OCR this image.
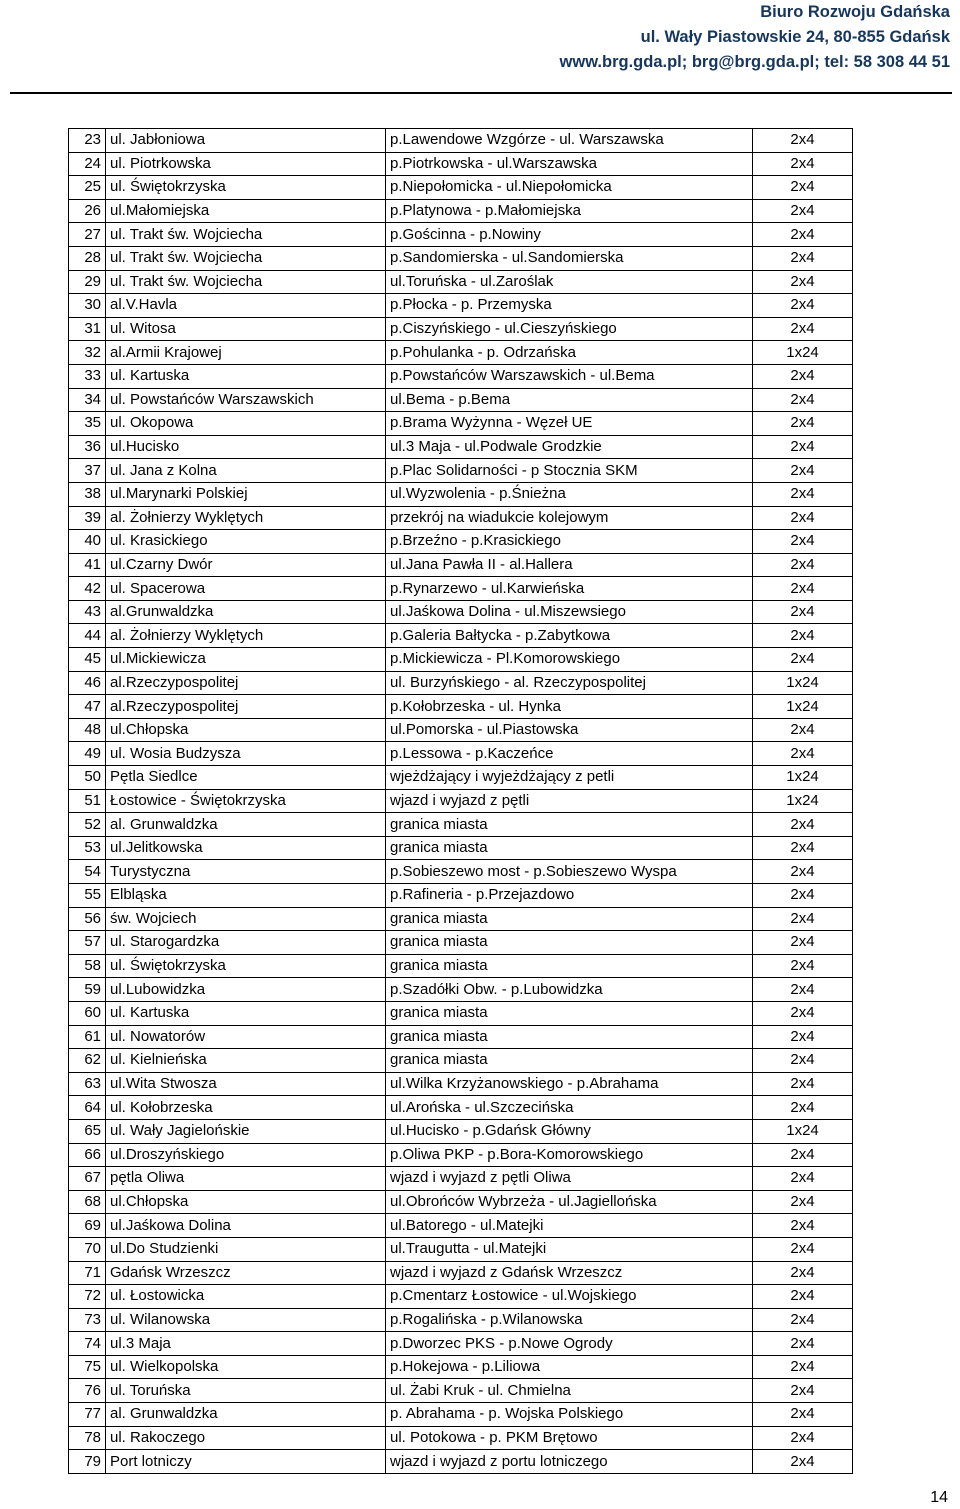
Biuro Rozwoju Gdańska
ul. Wały Piastowskie 24, 80-855 Gdańsk
www.brg.gda.pl; brg@brg.gda.pl; tel: 58 308 44 51
23	ul. Jabłoniowa	p.Lawendowe Wzgórze - ul. Warszawska	2x4
24	ul. Piotrkowska	p.Piotrkowska - ul.Warszawska	2x4
25	ul. Świętokrzyska	p.Niepołomicka - ul.Niepołomicka	2x4
26	ul.Małomiejska	p.Platynowa - p.Małomiejska	2x4
27	ul. Trakt św. Wojciecha	p.Gościnna - p.Nowiny	2x4
28	ul. Trakt św. Wojciecha	p.Sandomierska - ul.Sandomierska	2x4
29	ul. Trakt św. Wojciecha	ul.Toruńska - ul.Zaroślak	2x4
30	al.V.Havla	p.Płocka - p. Przemyska	2x4
31	ul. Witosa	p.Ciszyńskiego - ul.Cieszyńskiego	2x4
32	al.Armii Krajowej	p.Pohulanka - p. Odrzańska	1x24
33	ul. Kartuska	p.Powstańców Warszawskich - ul.Bema	2x4
34	ul. Powstańców Warszawskich	ul.Bema - p.Bema	2x4
35	ul. Okopowa	p.Brama Wyżynna - Węzeł UE	2x4
36	ul.Hucisko	ul.3 Maja - ul.Podwale Grodzkie	2x4
37	ul. Jana z Kolna	p.Plac Solidarności - p Stocznia SKM	2x4
38	ul.Marynarki Polskiej	ul.Wyzwolenia - p.Śnieżna	2x4
39	al. Żołnierzy Wyklętych	przekrój na wiadukcie kolejowym	2x4
40	ul. Krasickiego	p.Brzeźno - p.Krasickiego	2x4
41	ul.Czarny Dwór	ul.Jana Pawła II - al.Hallera	2x4
42	ul. Spacerowa	p.Rynarzewo - ul.Karwieńska	2x4
43	al.Grunwaldzka	ul.Jaśkowa Dolina - ul.Miszewsiego	2x4
44	al. Żołnierzy Wyklętych	p.Galeria Bałtycka - p.Zabytkowa	2x4
45	ul.Mickiewicza	p.Mickiewicza - Pl.Komorowskiego	2x4
46	al.Rzeczypospolitej	ul. Burzyńskiego - al. Rzeczypospolitej	1x24
47	al.Rzeczypospolitej	p.Kołobrzeska - ul. Hynka	1x24
48	ul.Chłopska	ul.Pomorska - ul.Piastowska	2x4
49	ul. Wosia Budzysza	p.Lessowa - p.Kaczeńce	2x4
50	Pętla Siedlce	wjeżdżający i wyjeżdżający z petli	1x24
51	Łostowice - Świętokrzyska	wjazd i wyjazd z pętli	1x24
52	al. Grunwaldzka	granica miasta	2x4
53	ul.Jelitkowska	granica miasta	2x4
54	Turystyczna	p.Sobieszewo most - p.Sobieszewo Wyspa	2x4
55	Elbląska	p.Rafineria - p.Przejazdowo	2x4
56	św. Wojciech	granica miasta	2x4
57	ul. Starogardzka	granica miasta	2x4
58	ul. Świętokrzyska	granica miasta	2x4
59	ul.Lubowidzka	p.Szadółki Obw. - p.Lubowidzka	2x4
60	ul. Kartuska	granica miasta	2x4
61	ul. Nowatorów	granica miasta	2x4
62	ul. Kielnieńska	granica miasta	2x4
63	ul.Wita Stwosza	ul.Wilka Krzyżanowskiego - p.Abrahama	2x4
64	ul. Kołobrzeska	ul.Arońska - ul.Szczecińska	2x4
65	ul. Wały Jagielońskie	ul.Hucisko - p.Gdańsk Główny	1x24
66	ul.Droszyńskiego	p.Oliwa PKP - p.Bora-Komorowskiego	2x4
67	pętla Oliwa	wjazd i wyjazd z pętli Oliwa	2x4
68	ul.Chłopska	ul.Obrońców Wybrzeża - ul.Jagiellońska	2x4
69	ul.Jaśkowa Dolina	ul.Batorego - ul.Matejki	2x4
70	ul.Do Studzienki	ul.Traugutta - ul.Matejki	2x4
71	Gdańsk Wrzeszcz	wjazd i wyjazd z Gdańsk Wrzeszcz	2x4
72	ul. Łostowicka	p.Cmentarz Łostowice - ul.Wojskiego	2x4
73	ul. Wilanowska	p.Rogalińska - p.Wilanowska	2x4
74	ul.3 Maja	p.Dworzec PKS - p.Nowe Ogrody	2x4
75	ul. Wielkopolska	p.Hokejowa - p.Liliowa	2x4
76	ul. Toruńska	ul. Żabi Kruk - ul. Chmielna	2x4
77	al. Grunwaldzka	p. Abrahama - p. Wojska Polskiego	2x4
78	ul. Rakoczego	ul. Potokowa - p. PKM Brętowo	2x4
79	Port lotniczy	wjazd i wyjazd z portu lotniczego	2x4
14
